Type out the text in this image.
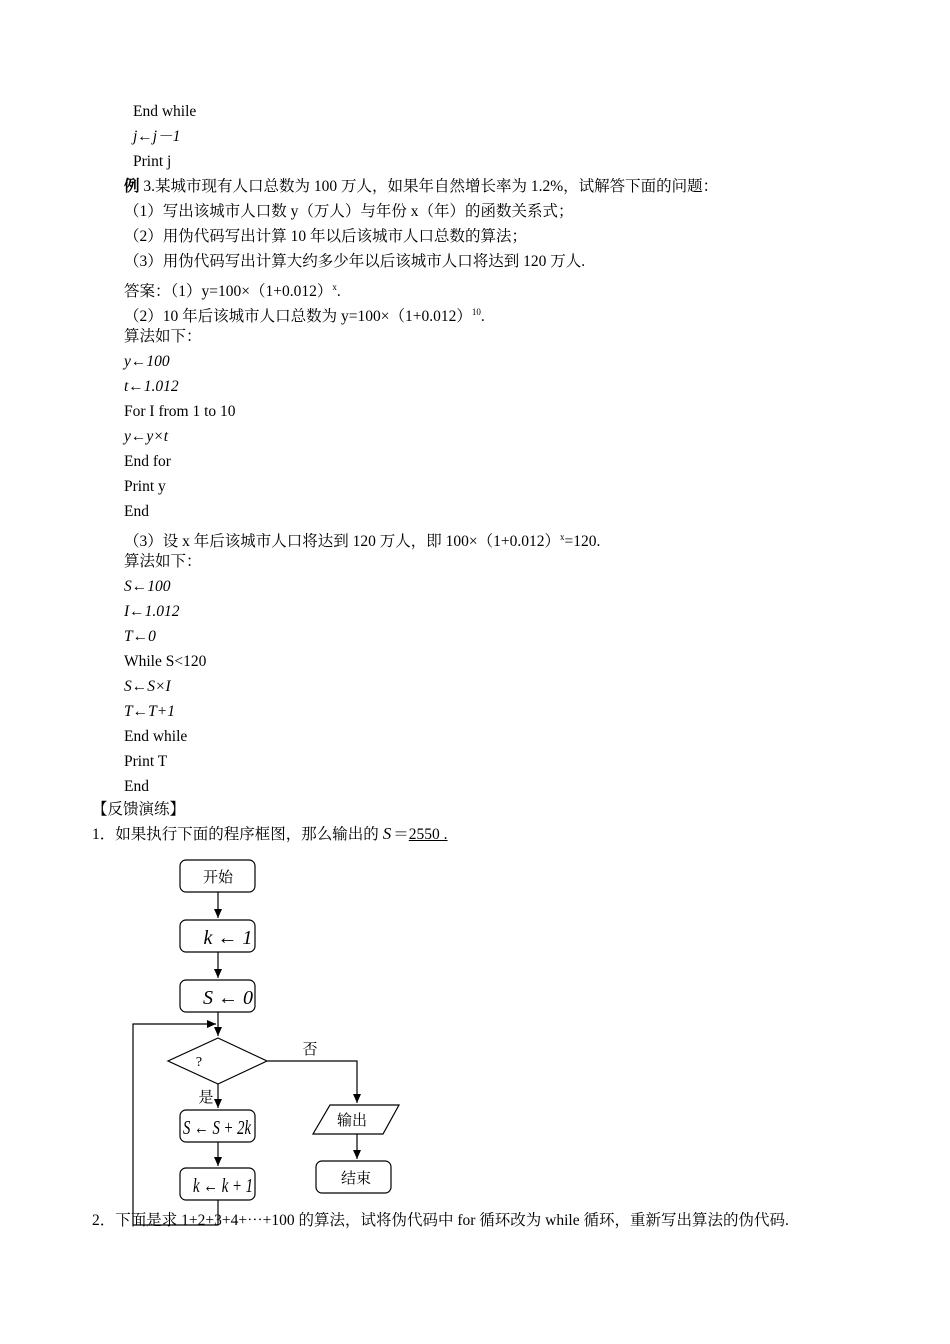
End while
j←j－1
Print j
例 3.某城市现有人口总数为 100 万人，如果年自然增长率为 1.2%，试解答下面的问题：
（1）写出该城市人口数 y（万人）与年份 x（年）的函数关系式；
（2）用伪代码写出计算 10 年以后该城市人口总数的算法；
（3）用伪代码写出计算大约多少年以后该城市人口将达到 120 万人.
答案：$(1)y=100\times(1+0.012)^x$.
（2）10 年后该城市人口总数为 $y=100\times(1+0.012)^{10}$.
算法如下：
y←100
t←1.012
For I from 1 to 10
y←y×t
End for
Print y
End
（3）设 x 年后该城市人口将达到 120 万人，即 $100\times(1+0.012)^x=120$.
算法如下：
S←100
I←1.012
T←0
While S<120
S←S×I
T←T+1
End while
Print T
End
【反馈演练】
1．如果执行下面的程序框图，那么输出的 S ＝2550 .
开始
k ← 1
S ← 0
?
是
否
S ← S + 2k
k ← k + 1
输出
结束
2．下面是求 1+2+3+4+⋯+100 的算法，试将伪代码中 for 循环改为 while 循环，重新写出算法的伪代码.
